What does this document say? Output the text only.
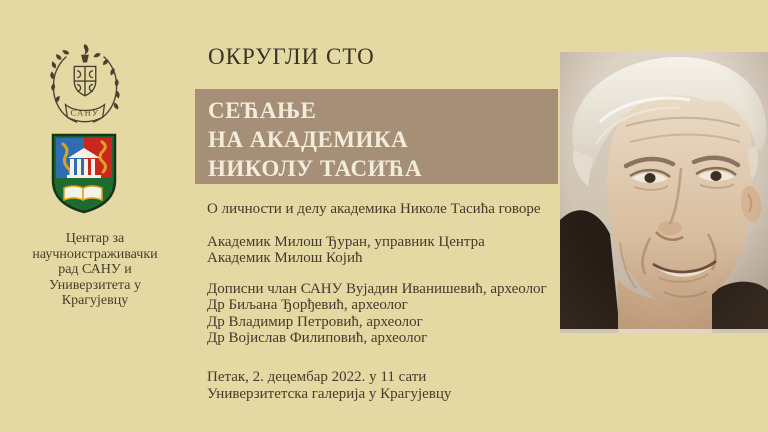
САНУ

Центар за

научноистраживачки

рад САНУ и

Универзитета у

Крагујевцу

ОКРУГЛИ СТО

СЕЋАЊЕ

НА АКАДЕМИКА

НИКОЛУ ТАСИЋА

О личности и делу академика Николе Тасића говоре

Академик Милош Ђуран, управник Центра

Академик Милош Којић

Дописни члан САНУ Вујадин Иванишевић, археолог

Др Биљана Ђорђевић, археолог

Др Владимир Петровић, археолог

Др Војислав Филиповић, археолог

Петак, 2. децембар 2022. у 11 сати

Универзитетска галерија у Крагујевцу
